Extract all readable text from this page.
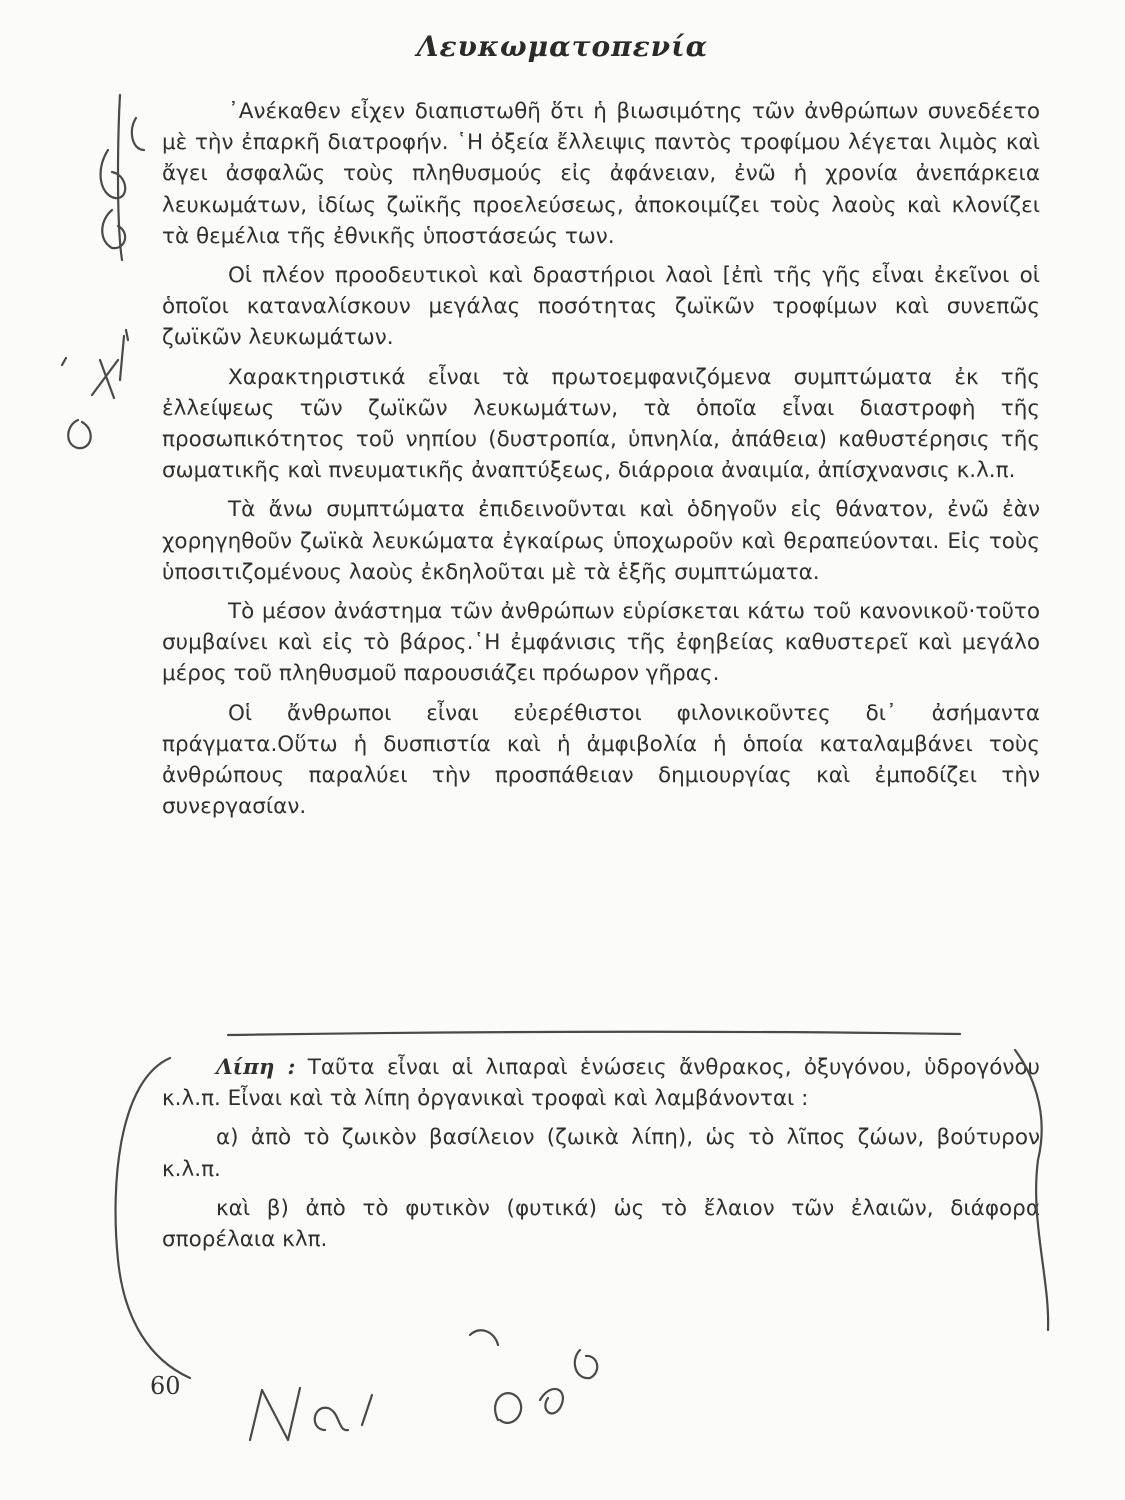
Λευκωματοπενία

᾽Ανέκαθεν εἶχεν διαπιστωθῆ ὅτι ἡ βιωσιμότης τῶν ἀνθρώπων συνεδέετο μὲ τὴν ἐπαρκῆ διατροφήν. ῾Η ὀξεία ἔλλειψις παντὸς τροφίμου λέγεται λιμὸς καὶ ἄγει ἀσφαλῶς τοὺς πληθυσμούς εἰς ἀφάνειαν, ἐνῶ ἡ χρονία ἀνεπάρκεια λευκωμάτων, ἰδίως ζωϊκῆς προελεύσεως, ἀποκοιμίζει τοὺς λαοὺς καὶ κλονίζει τὰ θεμέλια τῆς ἐθνικῆς ὑποστάσεώς των.

Οἱ πλέον προοδευτικοὶ καὶ δραστήριοι λαοὶ [ἐπὶ τῆς γῆς εἶναι ἐκεῖνοι οἱ ὁποῖοι καταναλίσκουν μεγάλας ποσότητας ζωϊκῶν τροφίμων καὶ συνεπῶς ζωϊκῶν λευκωμάτων.

Χαρακτηριστικά εἶναι τὰ πρωτοεμφανιζόμενα συμπτώματα ἐκ τῆς ἐλλείψεως τῶν ζωϊκῶν λευκωμάτων, τὰ ὁποῖα εἶναι διαστροφὴ τῆς προσωπικότητος τοῦ νηπίου (δυστροπία, ὑπνηλία, ἀπάθεια) καθυστέρησις τῆς σωματικῆς καὶ πνευματικῆς ἀναπτύξεως, διάρροια ἀναιμία, ἀπίσχνανσις κ.λ.π.

Τὰ ἄνω συμπτώματα ἐπιδεινοῦνται καὶ ὁδηγοῦν εἰς θάνατον, ἐνῶ ἐὰν χορηγηθοῦν ζωϊκὰ λευκώματα ἐγκαίρως ὑποχωροῦν καὶ θεραπεύονται. Εἰς τοὺς ὑποσιτιζομένους λαοὺς ἐκδηλοῦται μὲ τὰ ἑξῆς συμπτώματα.

Τὸ μέσον ἀνάστημα τῶν ἀνθρώπων εὑρίσκεται κάτω τοῦ κανονικοῦ·τοῦτο συμβαίνει καὶ εἰς τὸ βάρος.῾Η ἐμφάνισις τῆς ἐφηβείας καθυστερεῖ καὶ μεγάλο μέρος τοῦ πληθυσμοῦ παρουσιάζει πρόωρον γῆρας.

Οἱ ἄνθρωποι εἶναι εὐερέθιστοι φιλονικοῦντες δι᾽ ἀσήμαντα πράγματα.Οὕτω ἡ δυσπιστία καὶ ἡ ἀμφιβολία ἡ ὁποία καταλαμβάνει τοὺς ἀνθρώπους παραλύει τὴν προσπάθειαν δημιουργίας καὶ ἐμποδίζει τὴν συνεργασίαν.

Λίπη : Ταῦτα εἶναι αἱ λιπαραὶ ἑνώσεις ἄνθρακος, ὀξυγόνου, ὑδρογόνου κ.λ.π. Εἶναι καὶ τὰ λίπη ὀργανικαὶ τροφαὶ καὶ λαμβάνονται :

α) ἀπὸ τὸ ζωικὸν βασίλειον (ζωικὰ λίπη), ὡς τὸ λῖπος ζώων, βούτυρον κ.λ.π.

καὶ β) ἀπὸ τὸ φυτικὸν (φυτικά) ὡς τὸ ἔλαιον τῶν ἐλαιῶν, διάφορα σπορέλαια κλπ.

60
